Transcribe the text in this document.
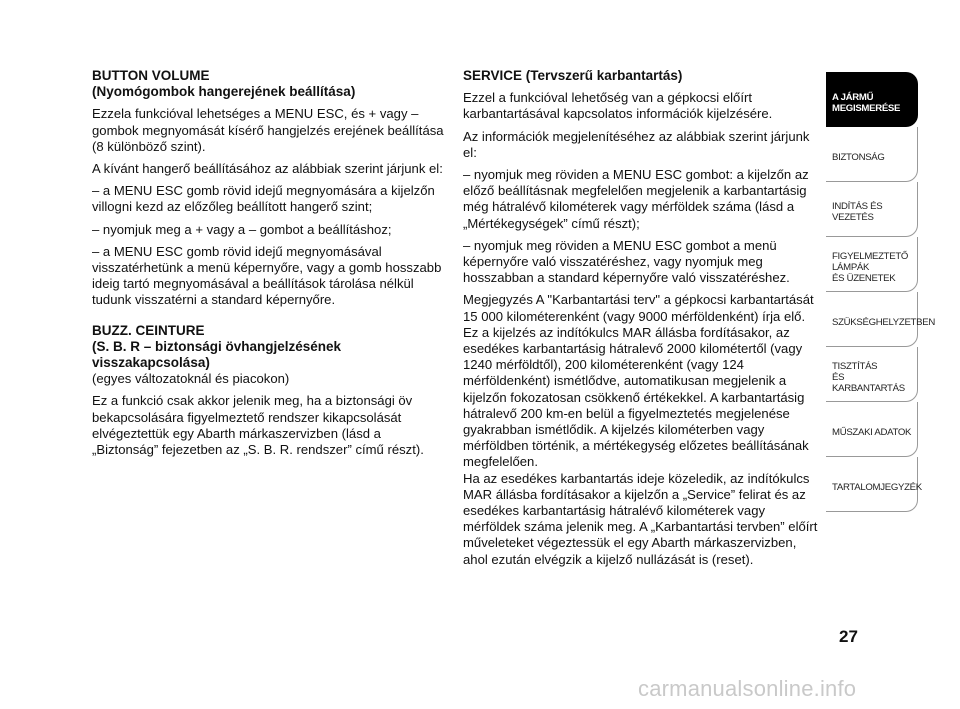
BUTTON VOLUME
(Nyomógombok hangerejének beállítása)

Ezzela funkcióval lehetséges a MENU ESC, és + vagy – gombok megnyomását kísérő hangjelzés erejének beállítása (8 különböző szint).

A kívánt hangerő beállításához az alábbiak szerint járjunk el:

– a MENU ESC gomb rövid idejű megnyomására a kijelzőn villogni kezd az előzőleg beállított hangerő szint;

– nyomjuk meg a + vagy a – gombot a beállításhoz;

– a MENU ESC gomb rövid idejű megnyomásával visszatérhetünk a menü képernyőre, vagy a gomb hosszabb ideig tartó megnyomásával a beállítások tárolása nélkül tudunk visszatérni a standard képernyőre.

BUZZ. CEINTURE
(S. B. R – biztonsági övhangjelzésének visszakapcsolása)

(egyes változatoknál és piacokon)

Ez a funkció csak akkor jelenik meg, ha a biztonsági öv bekapcsolására figyelmeztető rendszer kikapcsolását elvégeztettük egy Abarth márkaszervizben (lásd a „Biztonság” fejezetben az „S. B. R. rendszer” című részt).

SERVICE (Tervszerű karbantartás)

Ezzel a funkcióval lehetőség van a gépkocsi előírt karbantartásával kapcsolatos információk kijelzésére.

Az információk megjelenítéséhez az alábbiak szerint járjunk el:

– nyomjuk meg röviden a MENU ESC gombot: a kijelzőn az előző beállításnak megfelelően megjelenik a karbantartásig még hátralévő kilométerek vagy mérföldek száma (lásd a „Mértékegységek” című részt);

– nyomjuk meg röviden a MENU ESC gombot a menü képernyőre való visszatéréshez, vagy nyomjuk meg hosszabban a standard képernyőre való visszatéréshez.

Megjegyzés A "Karbantartási terv" a gépkocsi karbantartását 15 000 kilométerenként (vagy 9000 mérföldenként) írja elő. Ez a kijelzés az indítókulcs MAR állásba fordításakor, az esedékes karbantartásig hátralevő 2000 kilométertől (vagy 1240 mérföldtől), 200 kilométerenként (vagy 124 mérföldenként) ismétlődve, automatikusan megjelenik a kijelzőn fokozatosan csökkenő értékekkel. A karbantartásig hátralevő 200 km-en belül a figyelmeztetés megjelenése gyakrabban ismétlődik. A kijelzés kilométerben vagy mérföldben történik, a mértékegység előzetes beállításának megfelelően.

Ha az esedékes karbantartás ideje közeledik, az indítókulcs MAR állásba fordításakor a kijelzőn a „Service” felirat és az esedékes karbantartásig hátralévő kilométerek vagy mérföldek száma jelenik meg. A „Karbantartási tervben” előírt műveleteket végeztessük el egy Abarth márkaszervizben, ahol ezután elvégzik a kijelző nullázását is (reset).

A JÁRMŰ
MEGISMERÉSE
BIZTONSÁG
INDÍTÁS ÉS VEZETÉS
FIGYELMEZTETŐ
LÁMPÁK
ÉS ÜZENETEK
SZÜKSÉGHELYZETBEN
TISZTÍTÁS
ÉS KARBANTARTÁS
MŰSZAKI ADATOK
TARTALOMJEGYZÉK
27
carmanualsonline.info
